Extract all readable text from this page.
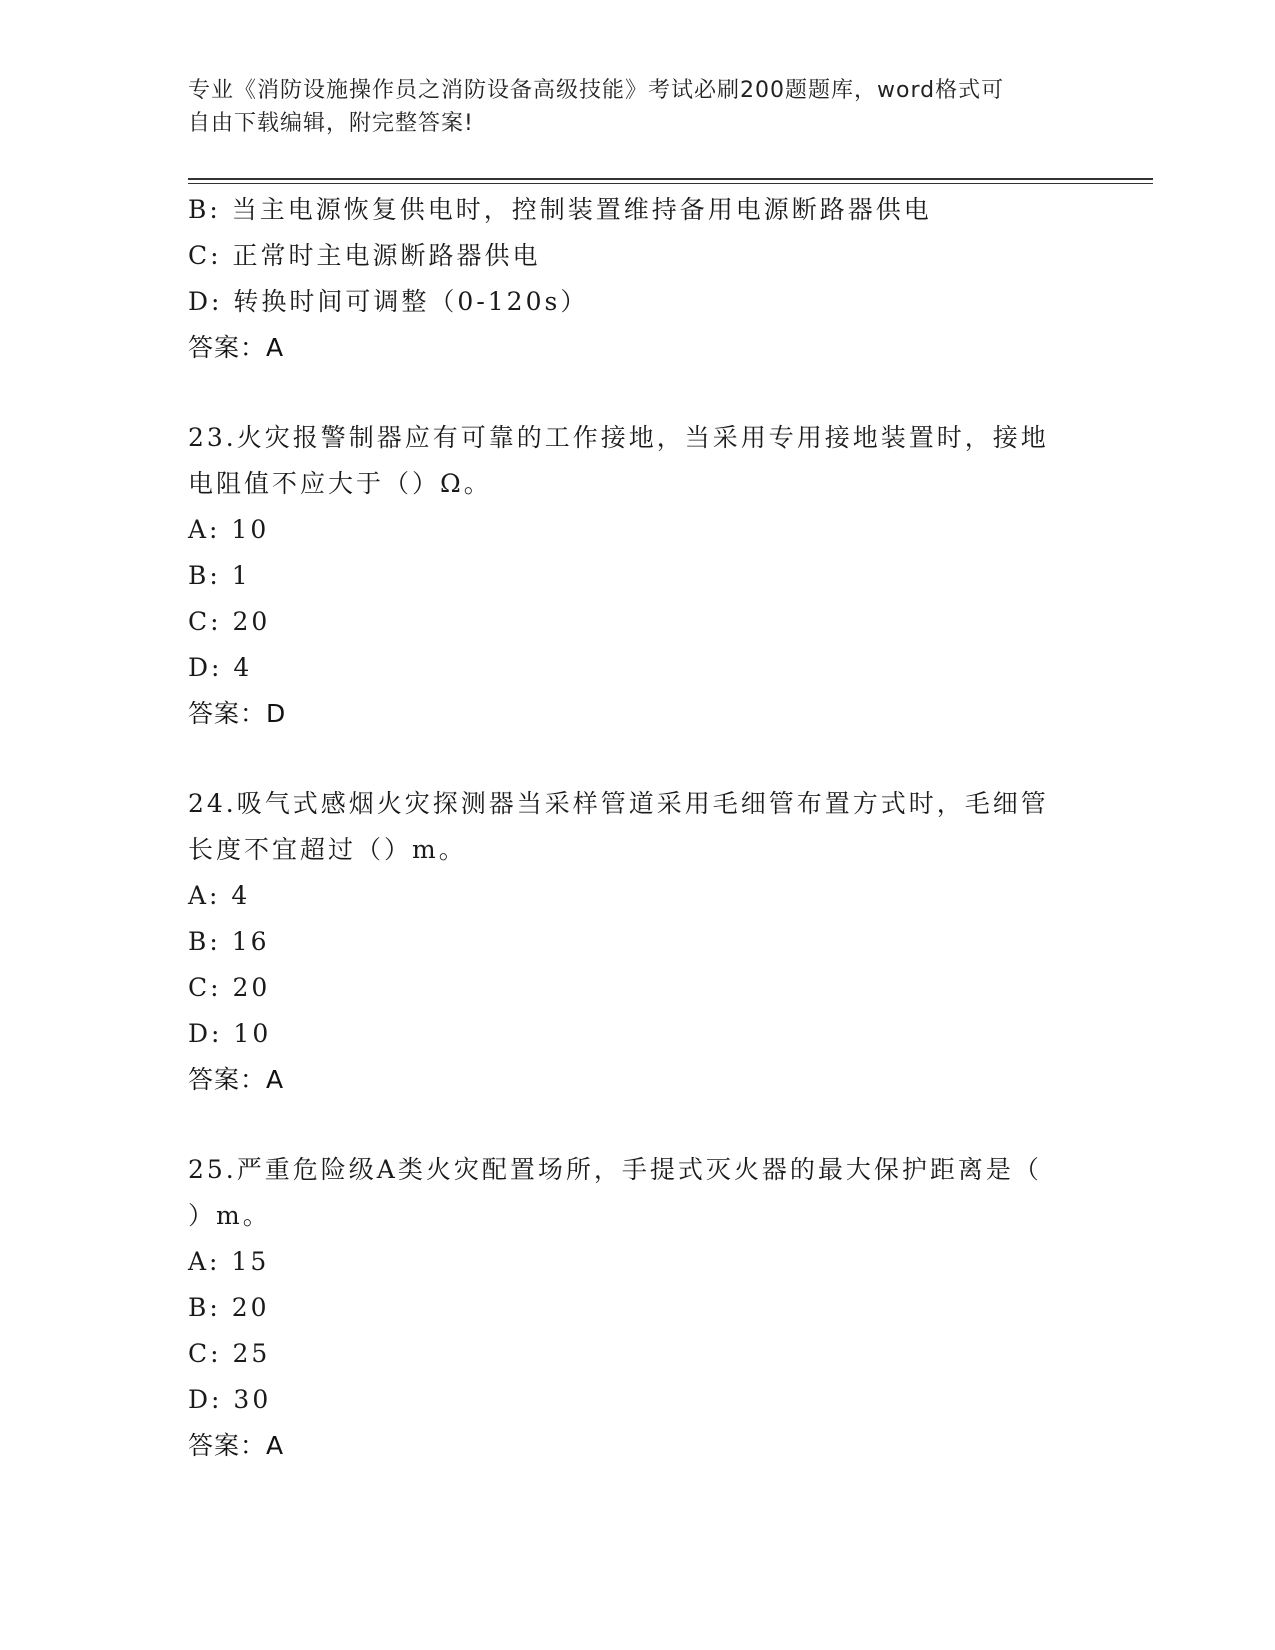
专业《消防设施操作员之消防设备高级技能》考试必刷200题题库，word格式可
自由下载编辑，附完整答案!
B: 当主电源恢复供电时，控制装置维持备用电源断路器供电
C: 正常时主电源断路器供电
D: 转换时间可调整（0-120s）
答案：A
23.火灾报警制器应有可靠的工作接地，当采用专用接地装置时，接地
电阻值不应大于（）Ω。
A: 10
B: 1
C: 20
D: 4
答案：D
24.吸气式感烟火灾探测器当采样管道采用毛细管布置方式时，毛细管
长度不宜超过（）m。
A: 4
B: 16
C: 20
D: 10
答案：A
25.严重危险级A类火灾配置场所，手提式灭火器的最大保护距离是（
）m。
A: 15
B: 20
C: 25
D: 30
答案：A
